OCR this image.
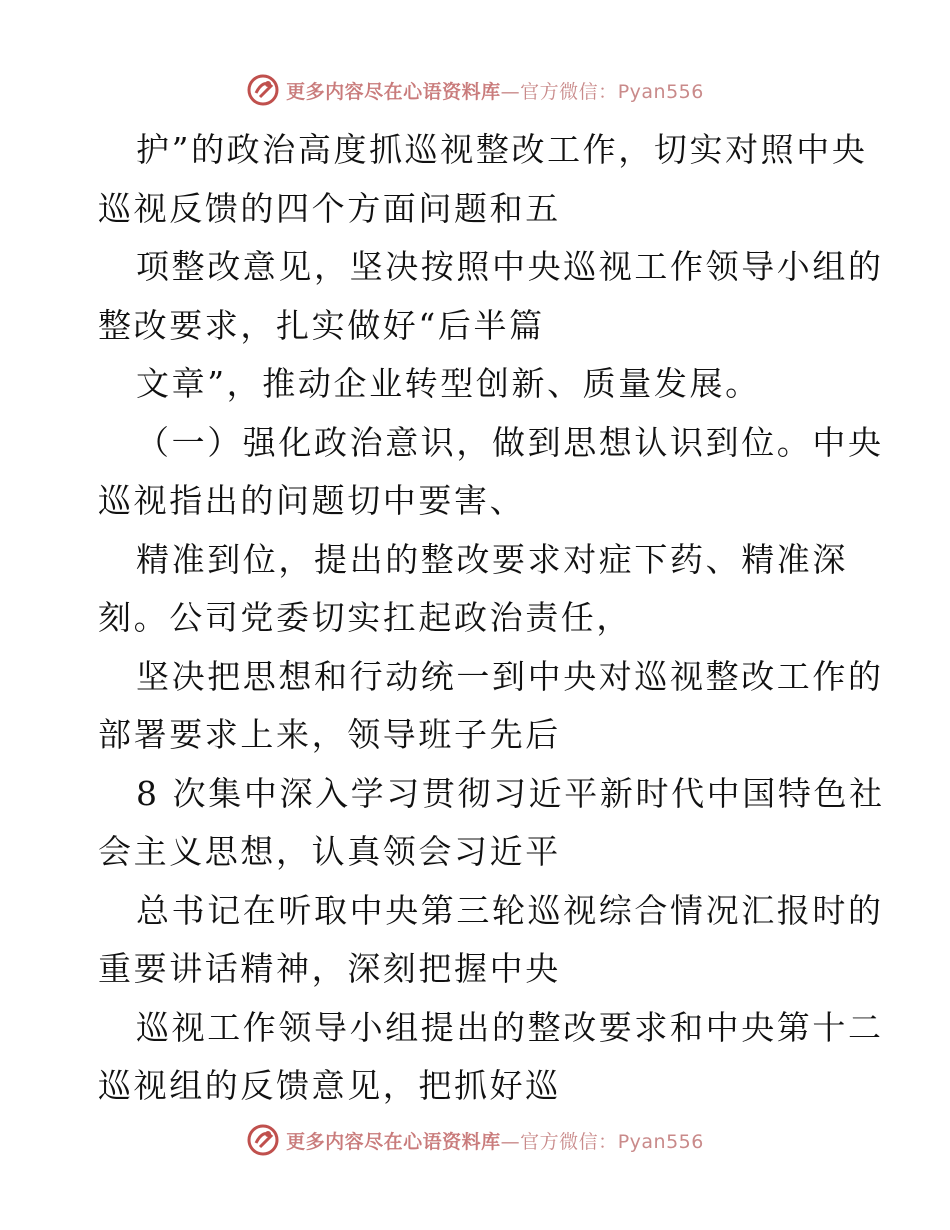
更多内容尽在心语资料库—官方微信：Pyan556
护”的政治高度抓巡视整改工作，切实对照中央
巡视反馈的四个方面问题和五
项整改意见，坚决按照中央巡视工作领导小组的
整改要求，扎实做好“后半篇
文章”，推动企业转型创新、质量发展。
（一）强化政治意识，做到思想认识到位。中央
巡视指出的问题切中要害、
精准到位，提出的整改要求对症下药、精准深
刻。公司党委切实扛起政治责任，
坚决把思想和行动统一到中央对巡视整改工作的
部署要求上来，领导班子先后
8 次集中深入学习贯彻习近平新时代中国特色社
会主义思想，认真领会习近平
总书记在听取中央第三轮巡视综合情况汇报时的
重要讲话精神，深刻把握中央
巡视工作领导小组提出的整改要求和中央第十二
巡视组的反馈意见，把抓好巡
更多内容尽在心语资料库—官方微信：Pyan556
